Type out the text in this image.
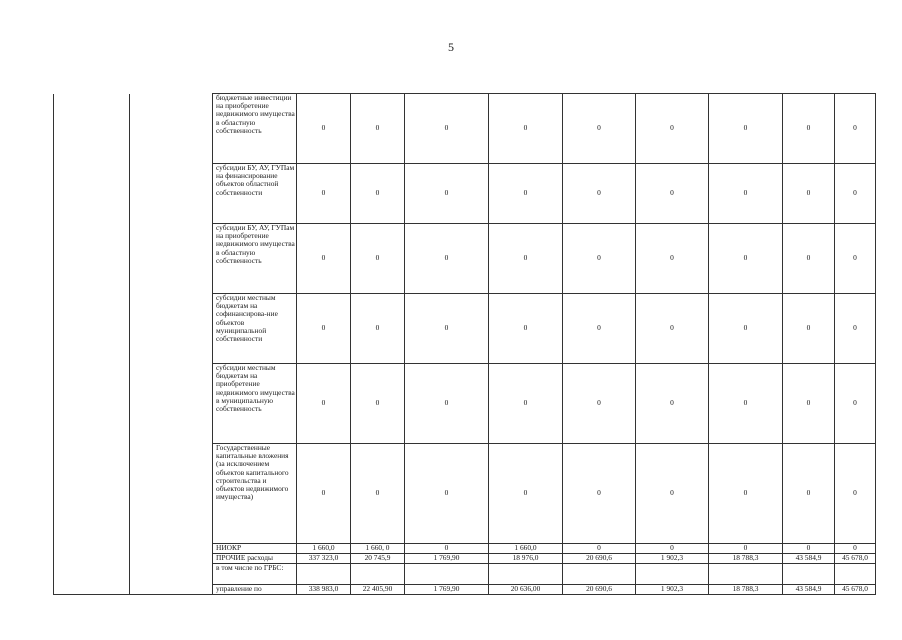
5
		бюджетные инвестиции на приобретение недвижимого имущества в областную собственность	0	0	0	0	0	0	0	0	0
		субсидии БУ, АУ, ГУПам на финансирование объектов областной собственности	0	0	0	0	0	0	0	0	0
		субсидии БУ, АУ, ГУПам на приобретение недвижимого имущества в областную собственность	0	0	0	0	0	0	0	0	0
		субсидии местным бюджетам на софинансирова-ние объектов муниципальной собственности	0	0	0	0	0	0	0	0	0
		субсидии местным бюджетам на приобретение недвижимого имущества в муниципальную собственность	0	0	0	0	0	0	0	0	0
		Государственные капитальные вложения (за исключением объектов капитального строительства и объектов недвижимого имущества)	0	0	0	0	0	0	0	0	0
		НИОКР	1 660,0	1 660, 0	0	1 660,0	0	0	0	0	0
		ПРОЧИЕ расходы	337 323,0	20 745,9	1 769,90	18 976,0	20 690,6	1 902,3	18 788,3	43 584,9	45 678,0
		в том числе по ГРБС:									
		управление по	338 983,0	22 405,90	1 769,90	20 636,00	20 690,6	1 902,3	18 788,3	43 584,9	45 678,0
